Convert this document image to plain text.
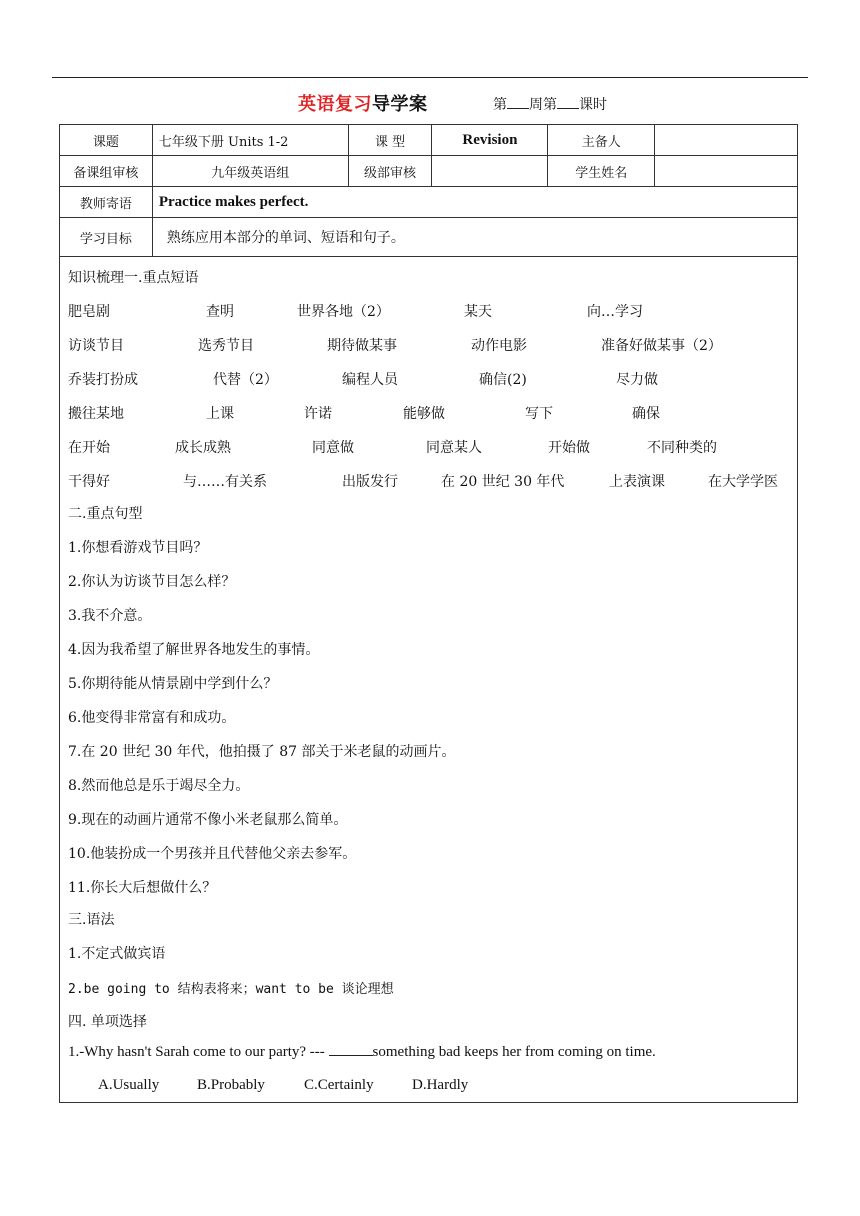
英语复习导学案	第 周第 课时
课题	七年级下册 Units 1-2	课 型	Revision	主备人	
备课组审核	九年级英语组	级部审核		学生姓名	
教师寄语	Practice makes perfect.				
学习目标	熟练应用本部分的单词、短语和句子。				
知识梳理一.重点短语
肥皂剧	查明	世界各地（2）	某天	向…学习
访谈节目	选秀节目	期待做某事	动作电影	准备好做某事（2）
乔装打扮成	代替（2）	编程人员	确信(2)	尽力做
搬往某地	上课	许诺	能够做	写下	确保
在开始	成长成熟	同意做	同意某人	开始做	不同种类的
干得好	与……有关系	出版发行	在 20 世纪 30 年代	上表演课	在大学学医
二.重点句型
1.你想看游戏节目吗？
2.你认为访谈节目怎么样？
3.我不介意。
4.因为我希望了解世界各地发生的事情。
5.你期待能从情景剧中学到什么？
6.他变得非常富有和成功。
7.在 20 世纪 30 年代，他拍摄了 87 部关于米老鼠的动画片。
8.然而他总是乐于竭尽全力。
9.现在的动画片通常不像小米老鼠那么简单。
10.他装扮成一个男孩并且代替他父亲去参军。
11.你长大后想做什么？
三.语法
1.不定式做宾语
2.be going to 结构表将来；want to be 谈论理想
四. 单项选择
1.-Why hasn't Sarah come to our party? ---	something bad keeps her from coming on time.
A.Usually	B.Probably	C.Certainly	D.Hardly
